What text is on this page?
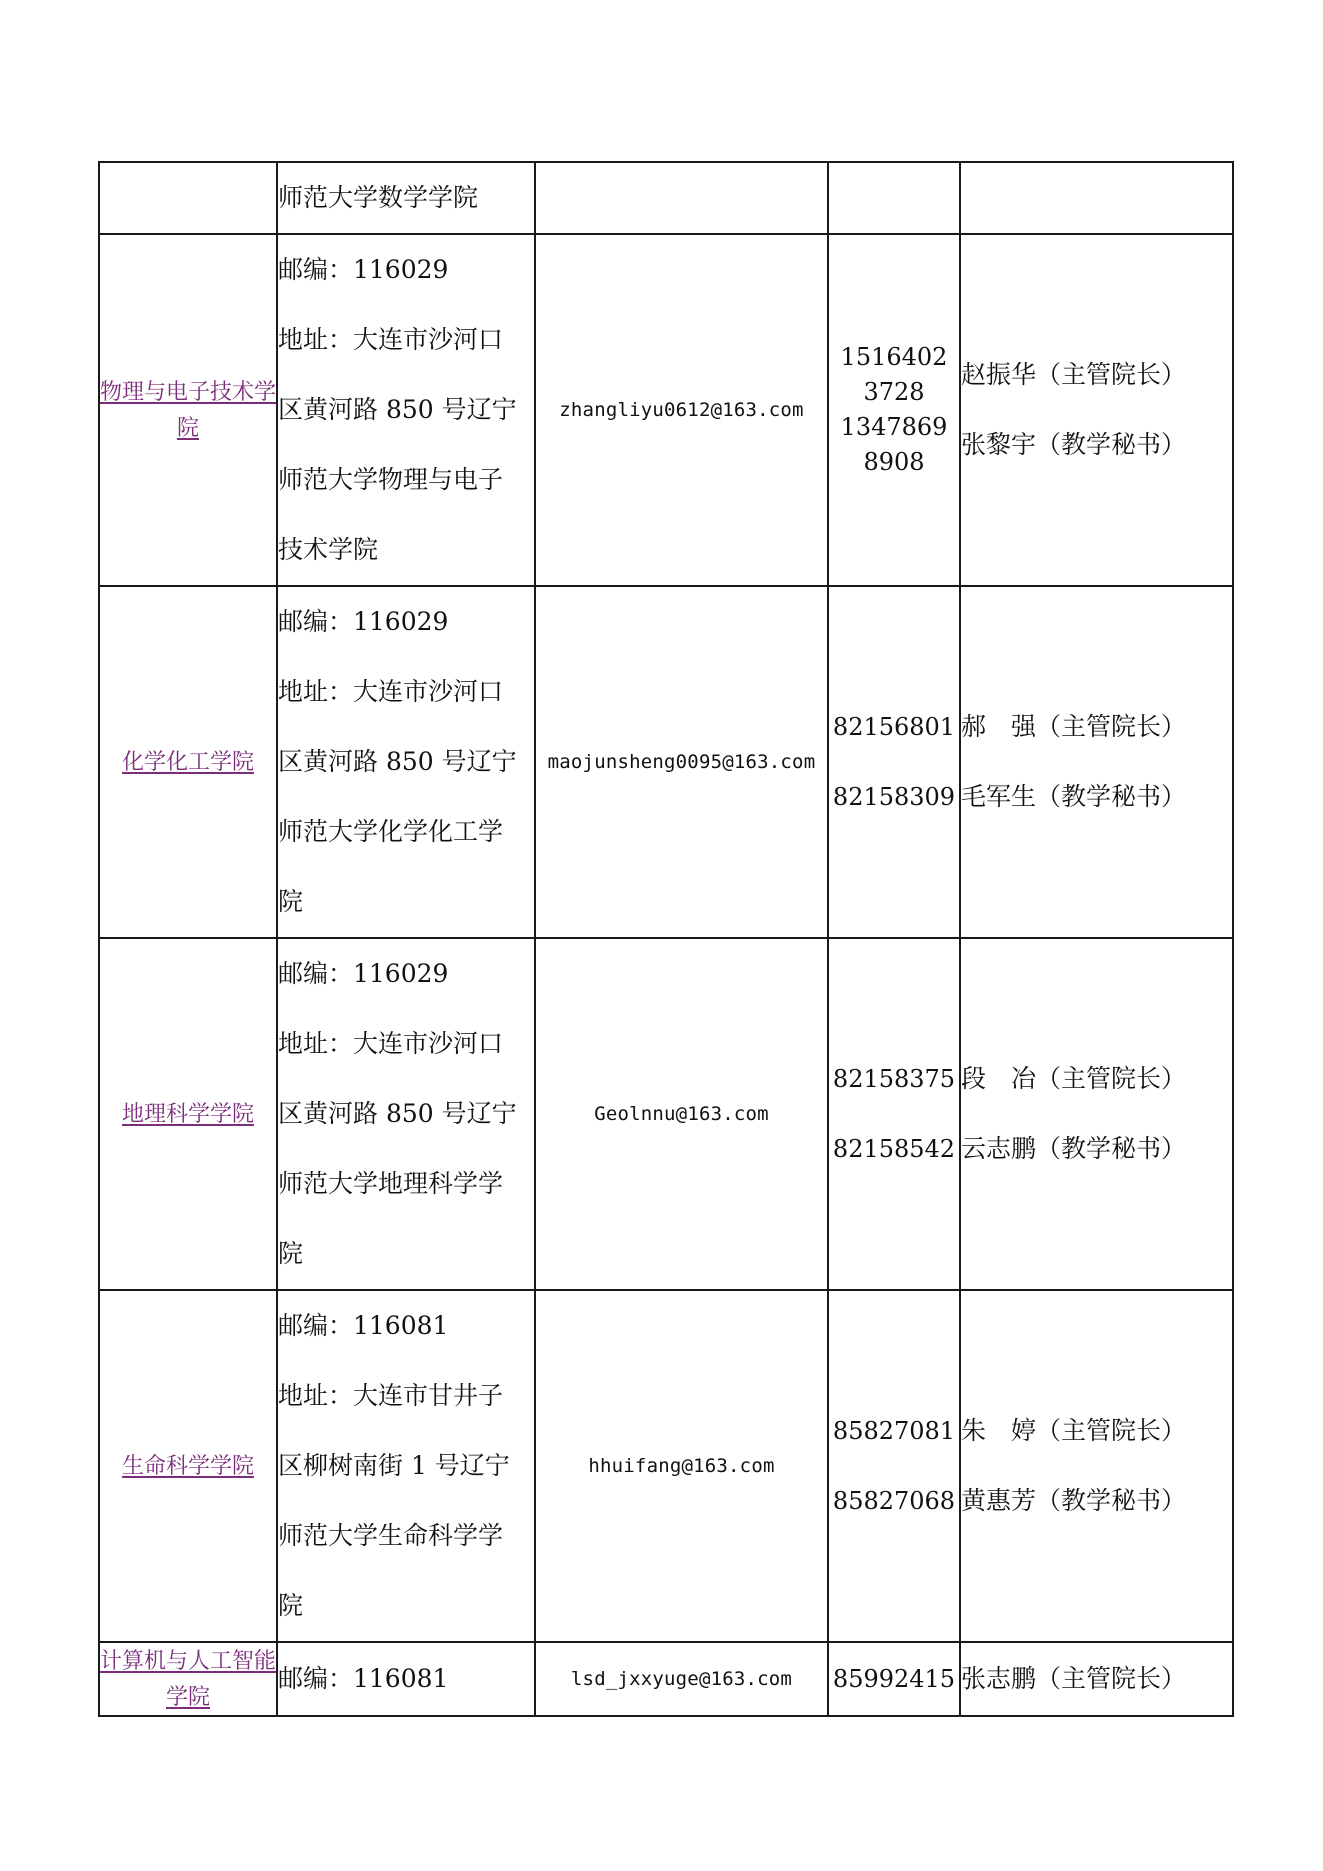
	师范大学数学学院			

物理与电子技术学院	邮编：116029
地址：大连市沙河口
区黄河路 850 号辽宁
师范大学物理与电子
技术学院	zhangliyu0612@163.com	15164023728
13478698908	赵振华（主管院长）
张黎宇（教学秘书）

化学化工学院	邮编：116029
地址：大连市沙河口
区黄河路 850 号辽宁
师范大学化学化工学
院	maojunsheng0095@163.com	82156801
82158309	郝　强（主管院长）
毛军生（教学秘书）

地理科学学院	邮编：116029
地址：大连市沙河口
区黄河路 850 号辽宁
师范大学地理科学学
院	Geolnnu@163.com	82158375
82158542	段　冶（主管院长）
云志鹏（教学秘书）

生命科学学院	邮编：116081
地址：大连市甘井子
区柳树南街 1 号辽宁
师范大学生命科学学
院	hhuifang@163.com	85827081
85827068	朱　婷（主管院长）
黄惠芳（教学秘书）

计算机与人工智能学院	邮编：116081	lsd_jxxyuge@163.com	85992415	张志鹏（主管院长）
